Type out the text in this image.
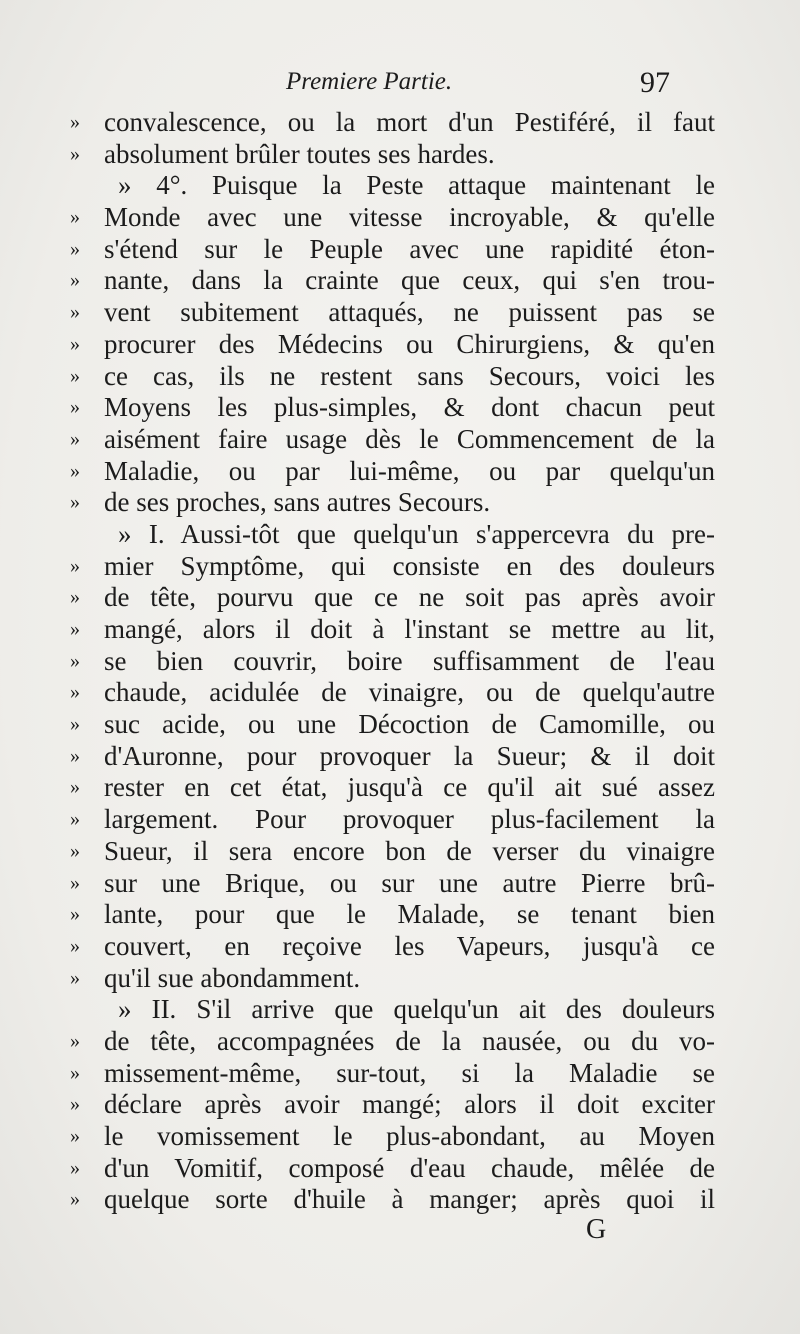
Premiere Partie.	97
» convalescence, ou la mort d'un Pestiféré, il faut
» absolument brûler toutes ses hardes.
» 4°. Puisque la Peste attaque maintenant le
» Monde avec une vitesse incroyable, & qu'elle
» s'étend sur le Peuple avec une rapidité éton-
» nante, dans la crainte que ceux, qui s'en trou-
» vent subitement attaqués, ne puissent pas se
» procurer des Médecins ou Chirurgiens, & qu'en
» ce cas, ils ne restent sans Secours, voici les
» Moyens les plus-simples, & dont chacun peut
» aisément faire usage dès le Commencement de la
» Maladie, ou par lui-même, ou par quelqu'un
» de ses proches, sans autres Secours.
» I. Aussi-tôt que quelqu'un s'appercevra du pre-
» mier Symptôme, qui consiste en des douleurs
» de tête, pourvu que ce ne soit pas après avoir
» mangé, alors il doit à l'instant se mettre au lit,
» se bien couvrir, boire suffisamment de l'eau
» chaude, acidulée de vinaigre, ou de quelqu'autre
» suc acide, ou une Décoction de Camomille, ou
» d'Auronne, pour provoquer la Sueur; & il doit
» rester en cet état, jusqu'à ce qu'il ait sué assez
» largement. Pour provoquer plus-facilement la
» Sueur, il sera encore bon de verser du vinaigre
» sur une Brique, ou sur une autre Pierre brû-
» lante, pour que le Malade, se tenant bien
» couvert, en reçoive les Vapeurs, jusqu'à ce
» qu'il sue abondamment.
» II. S'il arrive que quelqu'un ait des douleurs
» de tête, accompagnées de la nausée, ou du vo-
» missement-même, sur-tout, si la Maladie se
» déclare après avoir mangé; alors il doit exciter
» le vomissement le plus-abondant, au Moyen
» d'un Vomitif, composé d'eau chaude, mêlée de
» quelque sorte d'huile à manger; après quoi il
G
